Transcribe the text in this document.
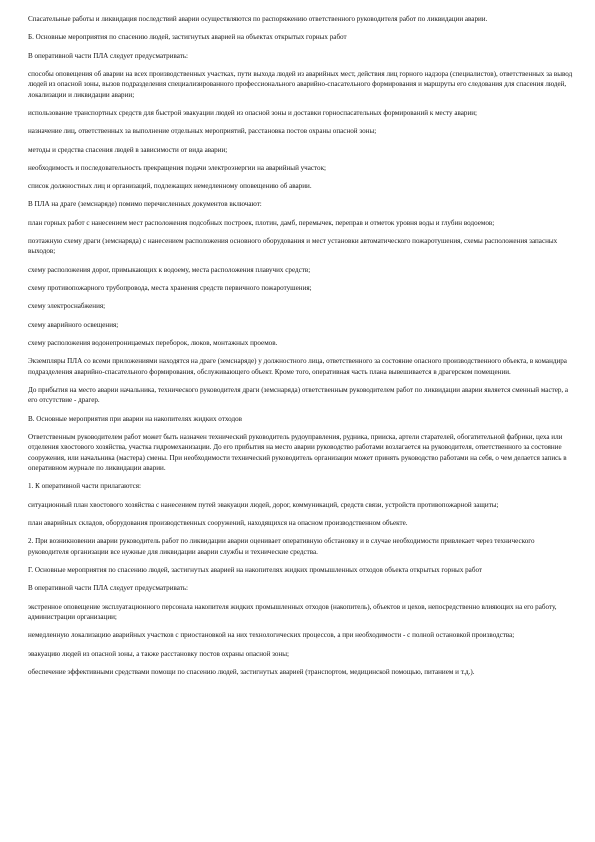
Спасательные работы и ликвидация последствий аварии осуществляются по распоряжению ответственного руководителя работ по ликвидации аварии.

Б. Основные мероприятия по спасению людей, застигнутых аварией на объектах открытых горных работ

В оперативной части ПЛА следует предусматривать:

способы оповещения об аварии на всех производственных участках, пути выхода людей из аварийных мест, действия лиц горного надзора (специалистов), ответственных за вывод людей из опасной зоны, вызов подразделения специализированного профессионального аварийно-спасательного формирования и маршруты его следования для спасения людей, локализации и ликвидации аварии;

использование транспортных средств для быстрой эвакуации людей из опасной зоны и доставки горноспасательных формирований к месту аварии;

назначение лиц, ответственных за выполнение отдельных мероприятий, расстановка постов охраны опасной зоны;

методы и средства спасения людей в зависимости от вида аварии;

необходимость и последовательность прекращения подачи электроэнергии на аварийный участок;

список должностных лиц и организаций, подлежащих немедленному оповещению об аварии.

В ПЛА на драге (земснаряде) помимо перечисленных документов включают:

план горных работ с нанесением мест расположения подсобных построек, плотин, дамб, перемычек, переправ и отметок уровня воды и глубин водоемов;

поэтажную схему драги (земснаряда) с нанесением расположения основного оборудования и мест установки автоматического пожаротушения, схемы расположения запасных выходов;

схему расположения дорог, примыкающих к водоему, места расположения плавучих средств;

схему противопожарного трубопровода, места хранения средств первичного пожаротушения;

схему электроснабжения;

схему аварийного освещения;

схему расположения водонепроницаемых переборок, люков, монтажных проемов.

Экземпляры ПЛА со всеми приложениями находятся на драге (земснаряде) у должностного лица, ответственного за состояние опасного производственного объекта, в командира подразделения аварийно-спасательного формирования, обслуживающего объект. Кроме того, оперативная часть плана вывешивается в драгерском помещении.

До прибытия на место аварии начальника, технического руководителя драги (земснаряда) ответственным руководителем работ по ликвидации аварии является сменный мастер, а его отсутствие - драгер.

В. Основные мероприятия при аварии на накопителях жидких отходов

Ответственным руководителем работ может быть назначен технический руководитель рудоуправления, рудника, прииска, артели старателей, обогатительной фабрики, цеха или отделения хвостового хозяйства, участка гидромеханизации. До его прибытия на место аварии руководство работами возлагается на руководителя, ответственного за состояние сооружения, или начальника (мастера) смены. При необходимости технический руководитель организации может принять руководство работами на себя, о чем делается запись в оперативном журнале по ликвидации аварии.

1. К оперативной части прилагаются:

ситуационный план хвостового хозяйства с нанесением путей эвакуации людей, дорог, коммуникаций, средств связи, устройств противопожарной защиты;

план аварийных складов, оборудования производственных сооружений, находящихся на опасном производственном объекте.

2. При возникновении аварии руководитель работ по ликвидации аварии оценивает оперативную обстановку и в случае необходимости привлекает через технического руководителя организации все нужные для ликвидации аварии службы и технические средства.

Г. Основные мероприятия по спасению людей, застигнутых аварией на накопителях жидких промышленных отходов объекта открытых горных работ

В оперативной части ПЛА следует предусматривать:

экстренное оповещение эксплуатационного персонала накопителя жидких промышленных отходов (накопитель), объектов и цехов, непосредственно влияющих на его работу, администрации организации;

немедленную локализацию аварийных участков с приостановкой на них технологических процессов, а при необходимости - с полной остановкой производства;

эвакуацию людей из опасной зоны, а также расстановку постов охраны опасной зоны;

обеспечение эффективными средствами помощи по спасению людей, застигнутых аварией (транспортом, медицинской помощью, питанием и т.д.).
